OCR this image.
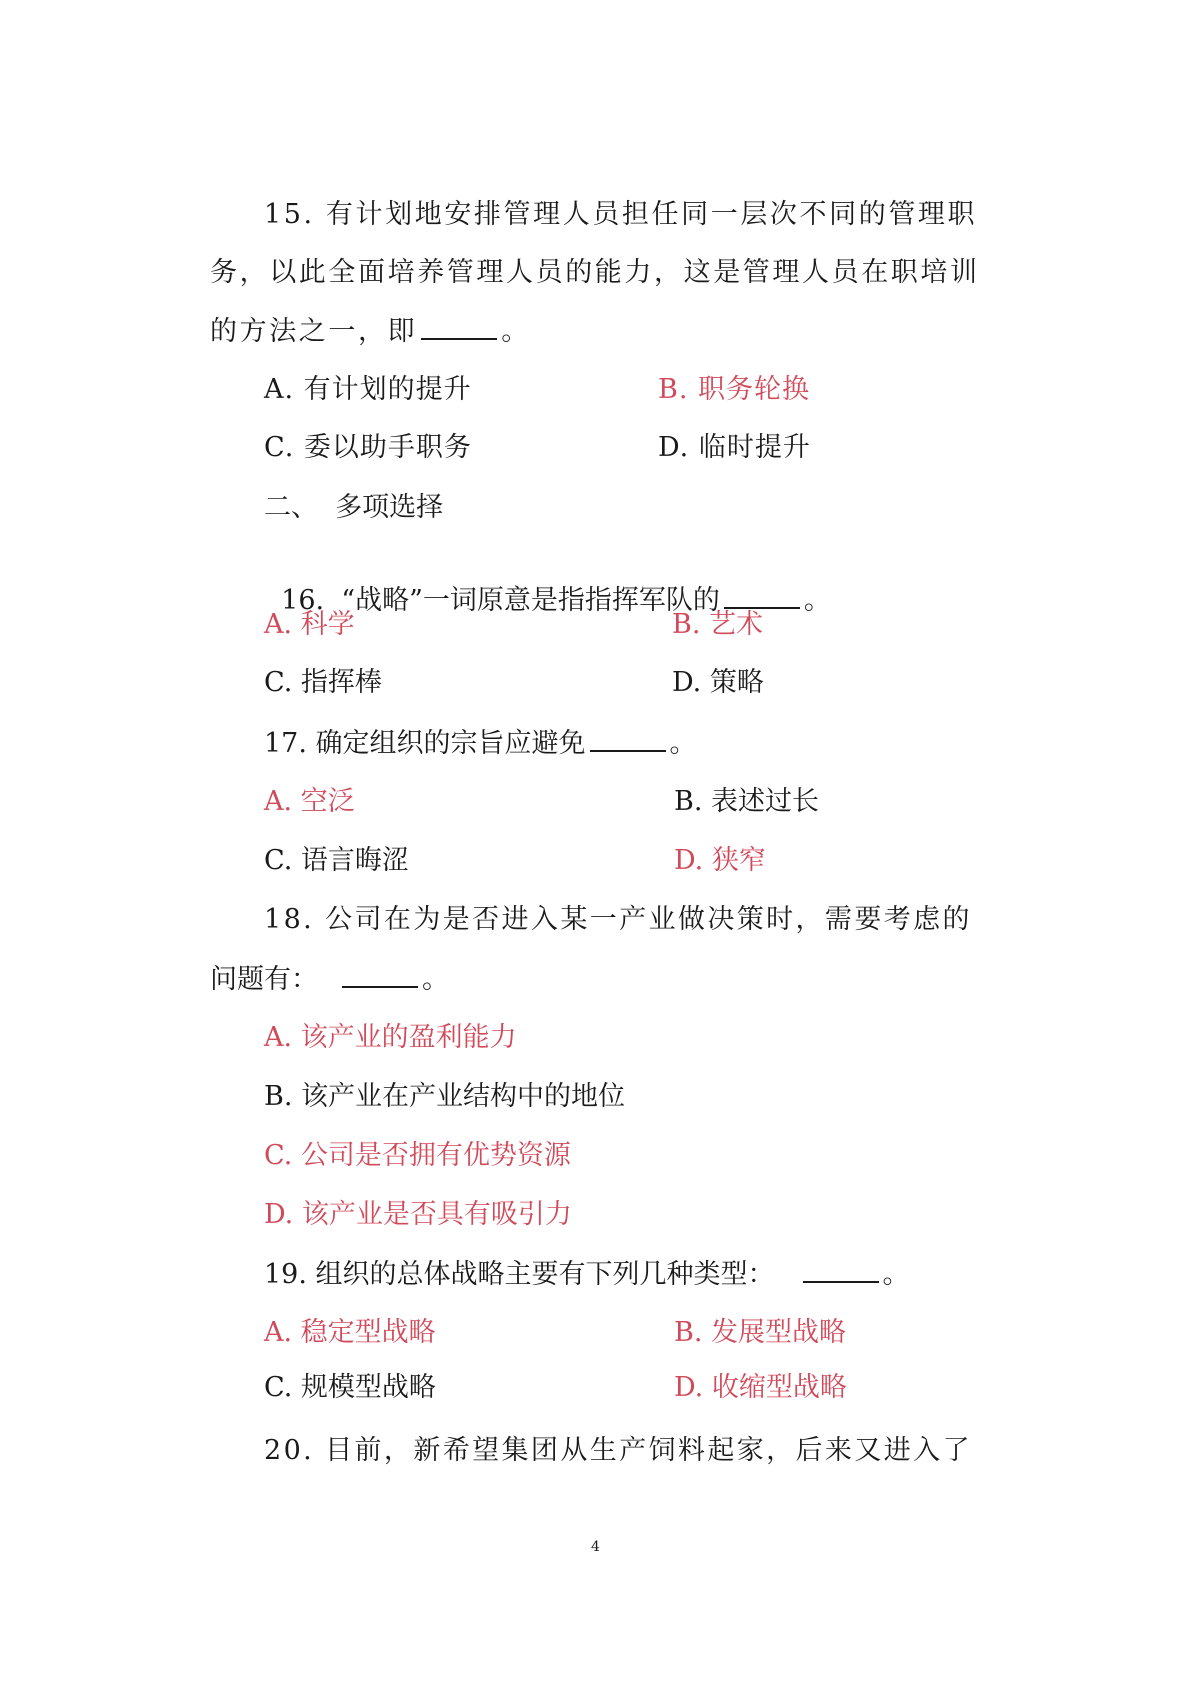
15. 有计划地安排管理人员担任同一层次不同的管理职
务，以此全面培养管理人员的能力，这是管理人员在职培训
的方法之一，即	。
A. 有计划的提升	B. 职务轮换
C. 委以助手职务	D. 临时提升
二、  多项选择

16.  “战略”一词原意是指指挥军队的	。

A. 科学	B. 艺术
C. 指挥棒	D. 策略
17. 确定组织的宗旨应避免	。
A. 空泛	B. 表述过长
C. 语言晦涩	D. 狭窄
18. 公司在为是否进入某一产业做决策时，需要考虑的
问题有：	。
A. 该产业的盈利能力
B. 该产业在产业结构中的地位
C. 公司是否拥有优势资源
D. 该产业是否具有吸引力
19. 组织的总体战略主要有下列几种类型：	。
A. 稳定型战略	B. 发展型战略
C. 规模型战略	D. 收缩型战略
20. 目前，新希望集团从生产饲料起家，后来又进入了
4
